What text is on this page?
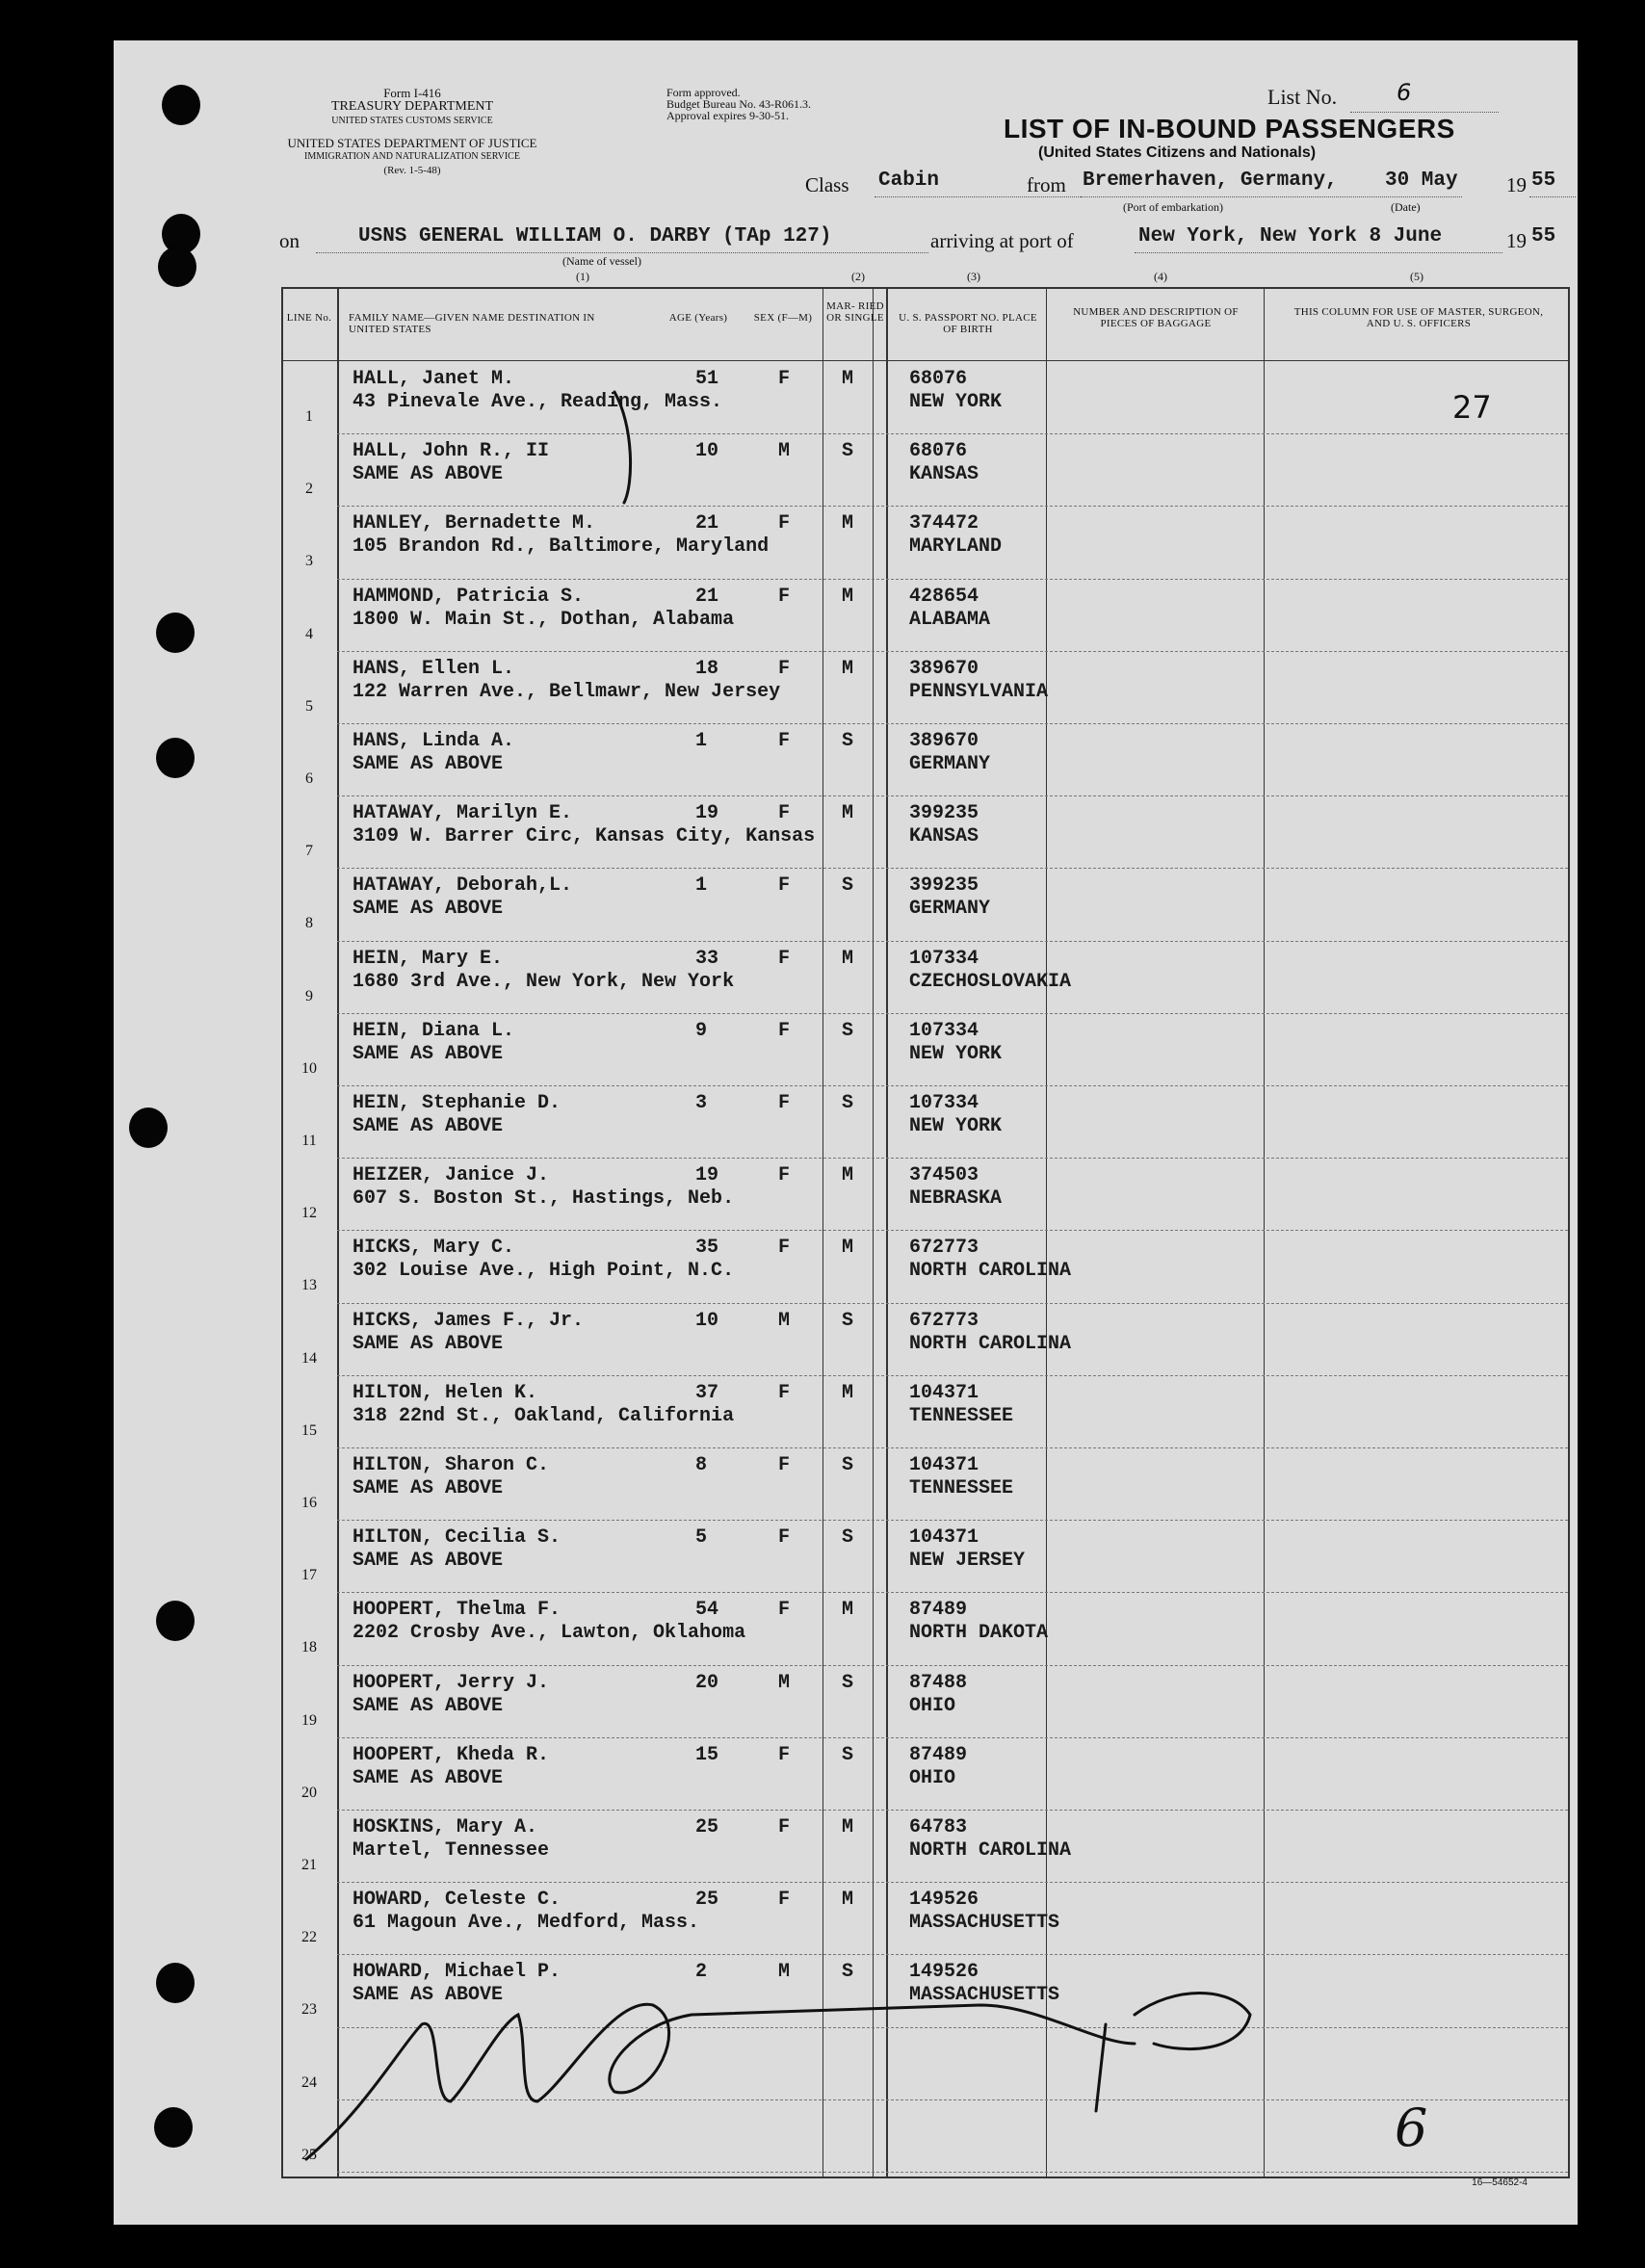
Form I-416
TREASURY DEPARTMENT
UNITED STATES CUSTOMS SERVICE
UNITED STATES DEPARTMENT OF JUSTICE
IMMIGRATION AND NATURALIZATION SERVICE
(Rev. 1-5-48)
Form approved.
Budget Bureau No. 43-R061.3.
Approval expires 9-30-51.
List No.	6
LIST OF IN-BOUND PASSENGERS
(United States Citizens and Nationals)
Class Cabin	from Bremerhaven, Germany, 30 May 19 55
(Port of embarkation)	(Date)
on	USNS GENERAL WILLIAM O. DARBY (TAp 127)	arriving at port of	New York, New York 8 June	19 55
(Name of vessel)
(1)	(2)	(3)	(4)	(5)
LINE No.	FAMILY NAME—GIVEN NAME DESTINATION IN UNITED STATES
AGE (Years)	SEX (F—M)
MAR- RIED OR SINGLE U. S. PASSPORT NO. PLACE OF BIRTH
NUMBER AND DESCRIPTION OF PIECES OF BAGGAGE
THIS COLUMN FOR USE OF MASTER, SURGEON, AND U. S. OFFICERS
1
HALL, Janet M.
43 Pinevale Ave., Reading, Mass.
51	F	M	68076
NEW YORK
2
HALL, John R., II
SAME AS ABOVE
10	M	S	68076
KANSAS
3
HANLEY, Bernadette M.
105 Brandon Rd., Baltimore, Maryland
21	F	M	374472
MARYLAND
4
HAMMOND, Patricia S.
1800 W. Main St., Dothan, Alabama
21	F	M	428654
ALABAMA
5
HANS, Ellen L.
122 Warren Ave., Bellmawr, New Jersey
18	F	M	389670
PENNSYLVANIA
6
HANS, Linda A.
SAME AS ABOVE
1	F	S	389670
GERMANY
7
HATAWAY, Marilyn E.
3109 W. Barrer Circ, Kansas City, Kansas
19	F	M	399235
KANSAS
8
HATAWAY, Deborah,L.
SAME AS ABOVE
1	F	S	399235
GERMANY
9
HEIN, Mary E.
1680 3rd Ave., New York, New York
33	F	M	107334
CZECHOSLOVAKIA
10
HEIN, Diana L.
SAME AS ABOVE
9	F	S	107334
NEW YORK
11
HEIN, Stephanie D.
SAME AS ABOVE
3	F	S	107334
NEW YORK
12
HEIZER, Janice J.
607 S. Boston St., Hastings, Neb.
19	F	M	374503
NEBRASKA
13
HICKS, Mary C.
302 Louise Ave., High Point, N.C.
35	F	M	672773
NORTH CAROLINA
14
HICKS, James F., Jr.
SAME AS ABOVE
10	M	S	672773
NORTH CAROLINA
15
HILTON, Helen K.
318 22nd St., Oakland, California
37	F	M	104371
TENNESSEE
16
HILTON, Sharon C.
SAME AS ABOVE
8	F	S	104371
TENNESSEE
17
HILTON, Cecilia S.
SAME AS ABOVE
5	F	S	104371
NEW JERSEY
18
HOOPERT, Thelma F.
2202 Crosby Ave., Lawton, Oklahoma
54	F	M	87489
NORTH DAKOTA
19
HOOPERT, Jerry J.
SAME AS ABOVE
20	M	S	87488
OHIO
20
HOOPERT, Kheda R.
SAME AS ABOVE
15	F	S	87489
OHIO
21
HOSKINS, Mary A.
Martel, Tennessee
25	F	M	64783
NORTH CAROLINA
22
HOWARD, Celeste C.
61 Magoun Ave., Medford, Mass.
25	F	M	149526
MASSACHUSETTS
23
HOWARD, Michael P.
SAME AS ABOVE
2	M	S	149526
MASSACHUSETTS
24
25
27
6
16—54652-4
